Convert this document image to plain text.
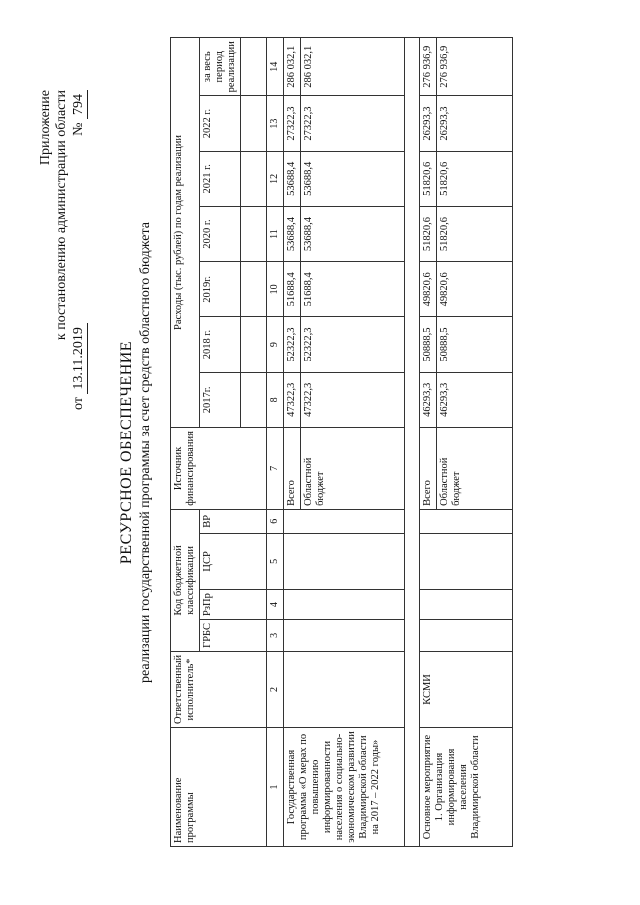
Приложение к постановлению администрации области
от 13.11.2019
№ 794
РЕСУРСНОЕ ОБЕСПЕЧЕНИЕ реализации государственной программы за счет средств областного бюджета
Наименование программы	Ответственный исполнитель*	Код бюджетной классификации				Источник финансирования	Расходы (тыс. рублей) по годам реализации						
		ГРБС	РзПр	ЦСР	ВР		2017г.	2018 г.	2019г.	2020 г.	2021 г.	2022 г.	за весь период реализации

1	2	3	4	5	6	7	8	9	10	11	12	13	14
Государственная программа «О мерах по повышению информированности населения о социально-экономическом развитии Владимирской области на 2017 – 2022 годы»						Всего	47322,3	52322,3	51688,4	53688,4	53688,4	27322,3	286 032,1
						Областной бюджет	47322,3	52322,3	51688,4	53688,4	53688,4	27322,3	286 032,1

Основное мероприятие 1. Организация информирования населения Владимирской области	КСМИ					Всего	46293,3	50888,5	49820,6	51820,6	51820,6	26293,3	276 936,9
						Областной бюджет	46293,3	50888,5	49820,6	51820,6	51820,6	26293,3	276 936,9
